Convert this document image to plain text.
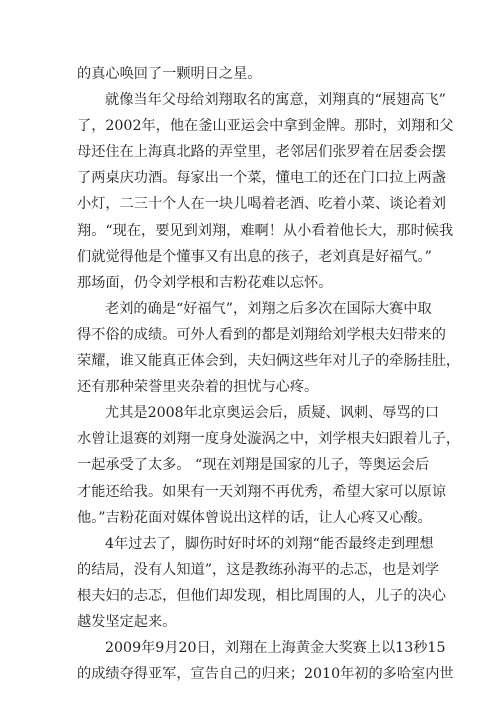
的真心唤回了一颗明日之星。
就像当年父母给刘翔取名的寓意，刘翔真的“展翅高飞”
了，2002年，他在釜山亚运会中拿到金牌。那时，刘翔和父
母还住在上海真北路的弄堂里，老邻居们张罗着在居委会摆
了两桌庆功酒。每家出一个菜，懂电工的还在门口拉上两盏
小灯，二三十个人在一块儿喝着老酒、吃着小菜、谈论着刘
翔。“现在，要见到刘翔，难啊！从小看着他长大，那时候我
们就觉得他是个懂事又有出息的孩子，老刘真是好福气。”
那场面，仍令刘学根和吉粉花难以忘怀。
老刘的确是“好福气”，刘翔之后多次在国际大赛中取
得不俗的成绩。可外人看到的都是刘翔给刘学根夫妇带来的
荣耀，谁又能真正体会到，夫妇俩这些年对儿子的牵肠挂肚，
还有那种荣誉里夹杂着的担忧与心疼。
尤其是2008年北京奥运会后，质疑、讽刺、辱骂的口
水曾让退赛的刘翔一度身处漩涡之中，刘学根夫妇跟着儿子，
一起承受了太多。 “现在刘翔是国家的儿子，等奥运会后
才能还给我。如果有一天刘翔不再优秀，希望大家可以原谅
他。”吉粉花面对媒体曾说出这样的话，让人心疼又心酸。
4年过去了，脚伤时好时坏的刘翔“能否最终走到理想
的结局，没有人知道”，这是教练孙海平的忐忑，也是刘学
根夫妇的忐忑，但他们却发现，相比周围的人，儿子的决心
越发坚定起来。
2009年9月20日，刘翔在上海黄金大奖赛上以13秒15
的成绩夺得亚军，宣告自己的归来；2010年初的多哈室内世
